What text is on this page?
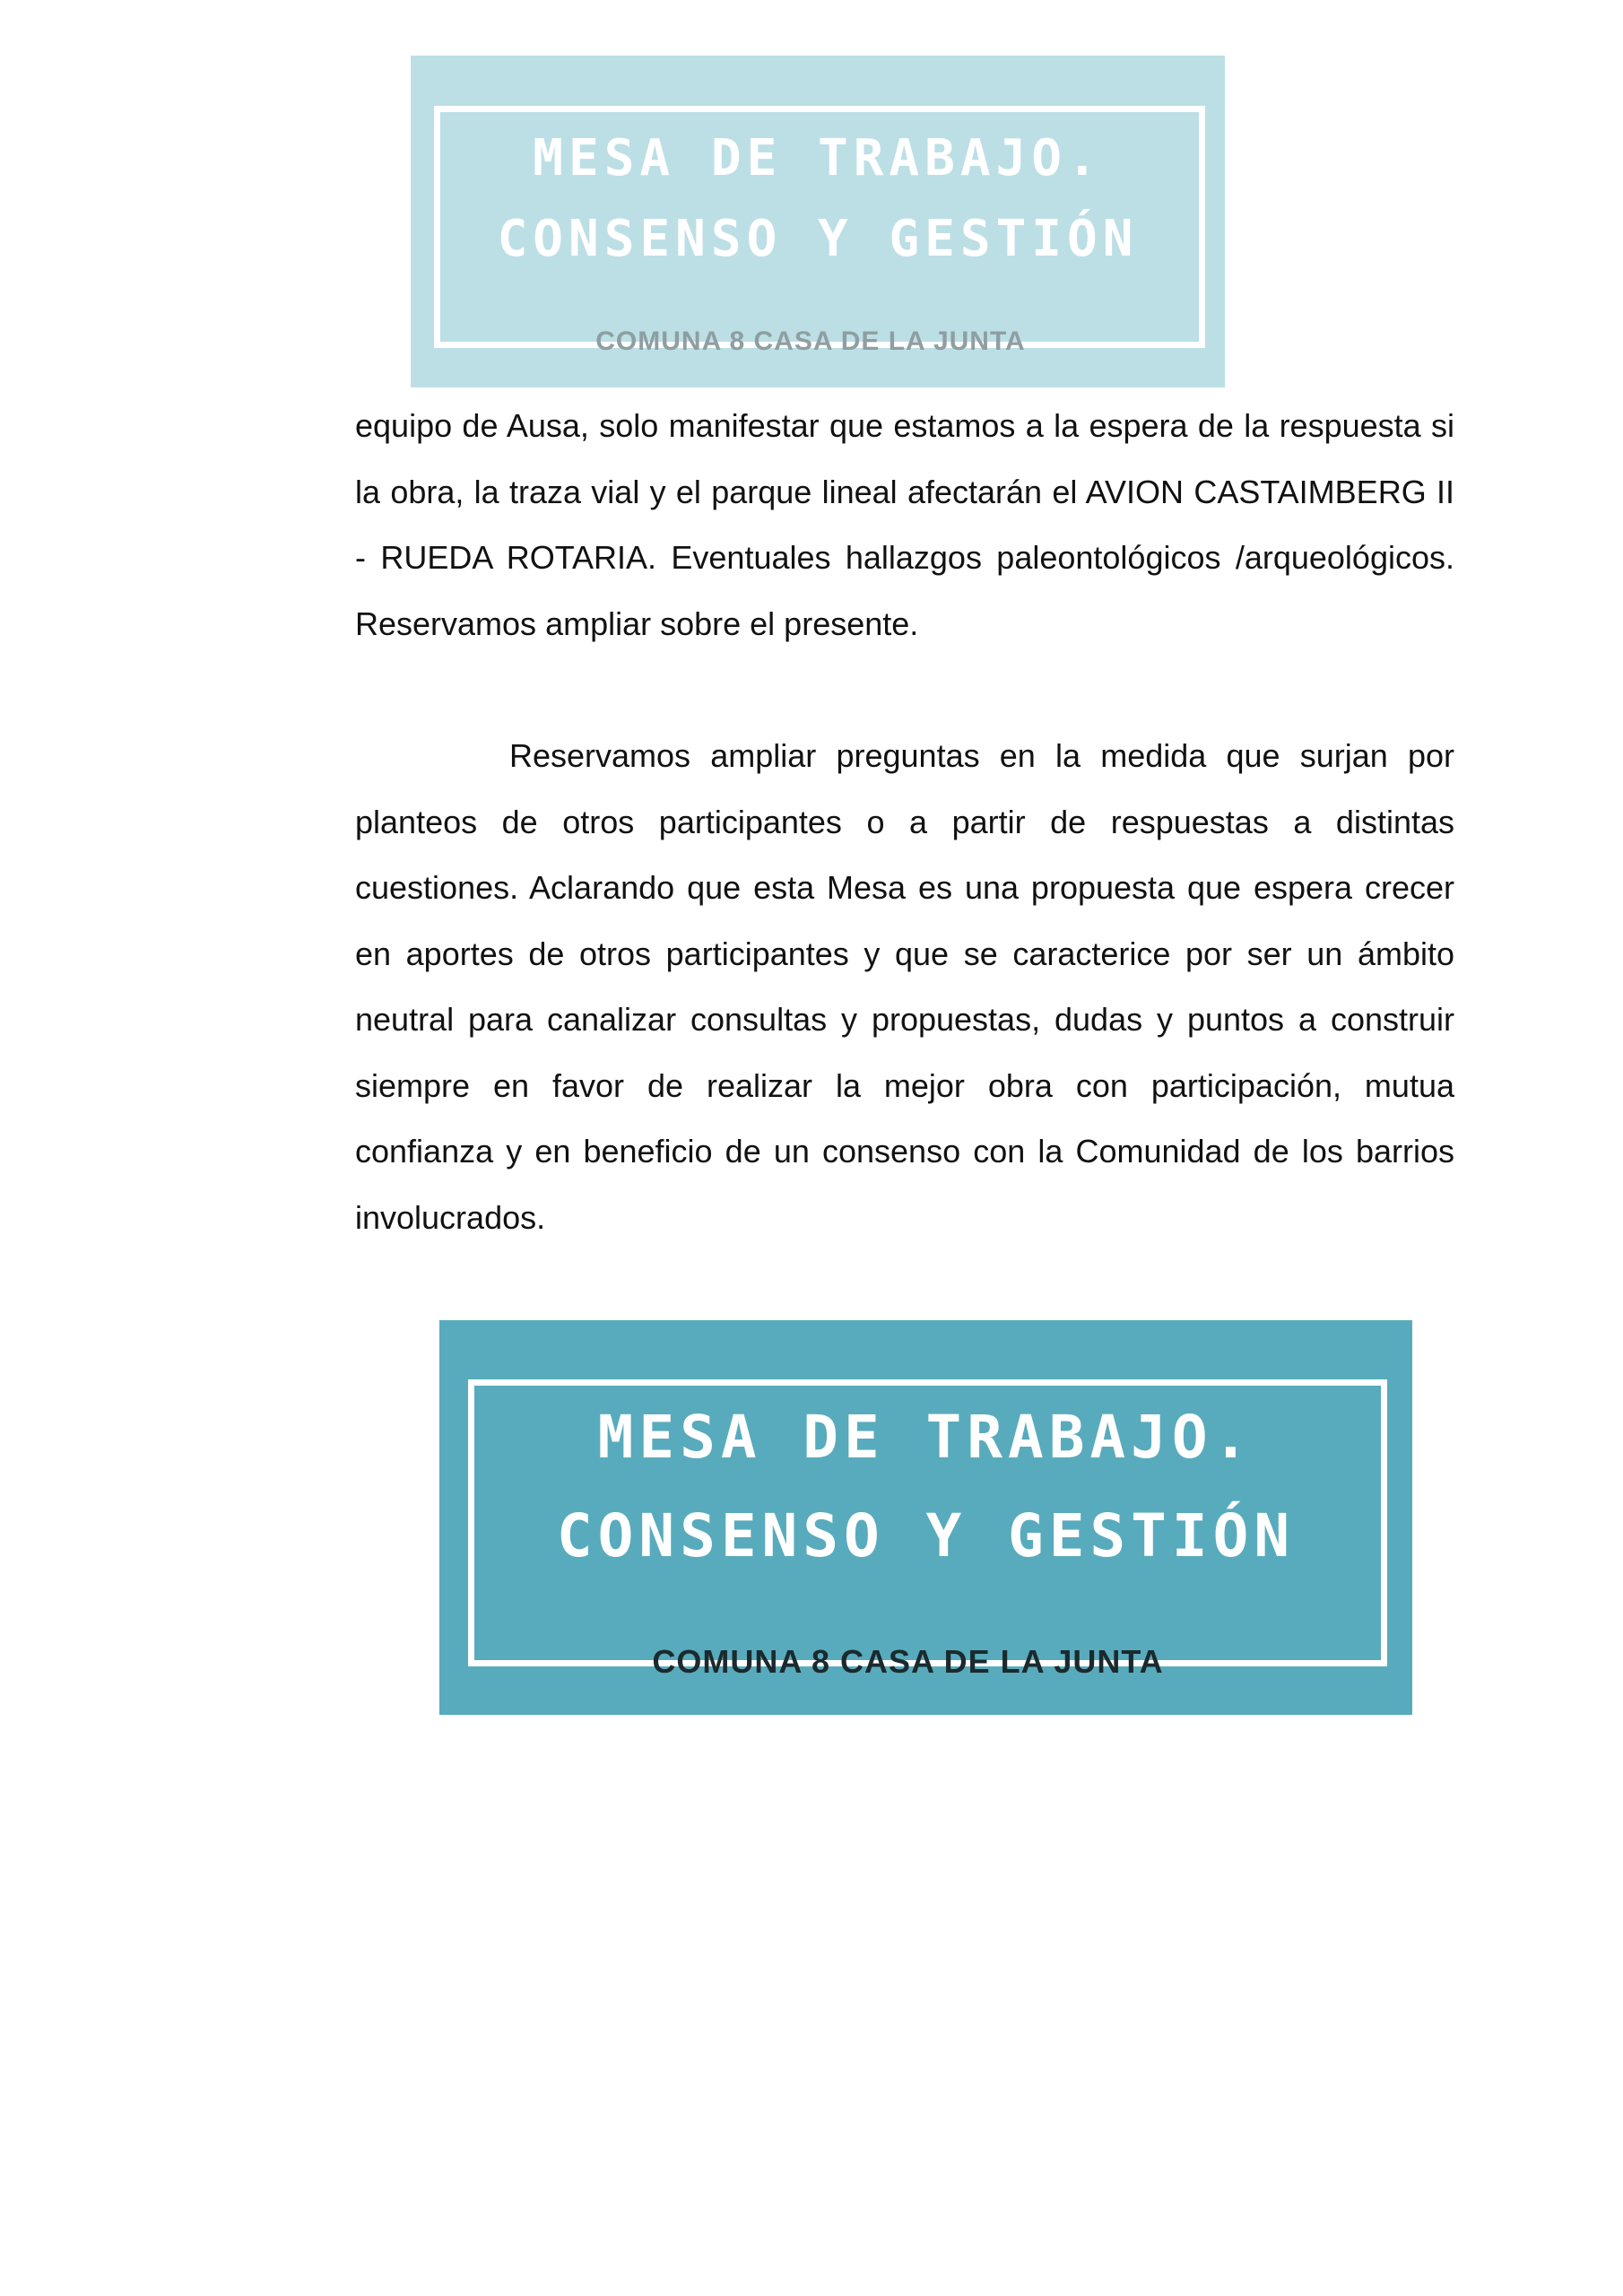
MESA DE TRABAJO.
CONSENSO Y GESTIÓN
COMUNA 8 CASA DE LA JUNTA

equipo de Ausa, solo manifestar que estamos a la espera de la respuesta si la obra, la traza vial y el parque lineal afectarán el AVION CASTAIMBERG II - RUEDA ROTARIA. Eventuales hallazgos paleontológicos /arqueológicos. Reservamos ampliar sobre el presente.

Reservamos ampliar preguntas en la medida que surjan por planteos de otros participantes o a partir de respuestas a distintas cuestiones. Aclarando que esta Mesa es una propuesta que espera crecer en aportes de otros participantes y que se caracterice por ser un ámbito neutral para canalizar consultas y propuestas, dudas y puntos a construir siempre en favor de realizar la mejor obra con participación, mutua confianza y en beneficio de un consenso con la Comunidad de los barrios involucrados.

MESA DE TRABAJO.
CONSENSO Y GESTIÓN
COMUNA 8 CASA DE LA JUNTA
